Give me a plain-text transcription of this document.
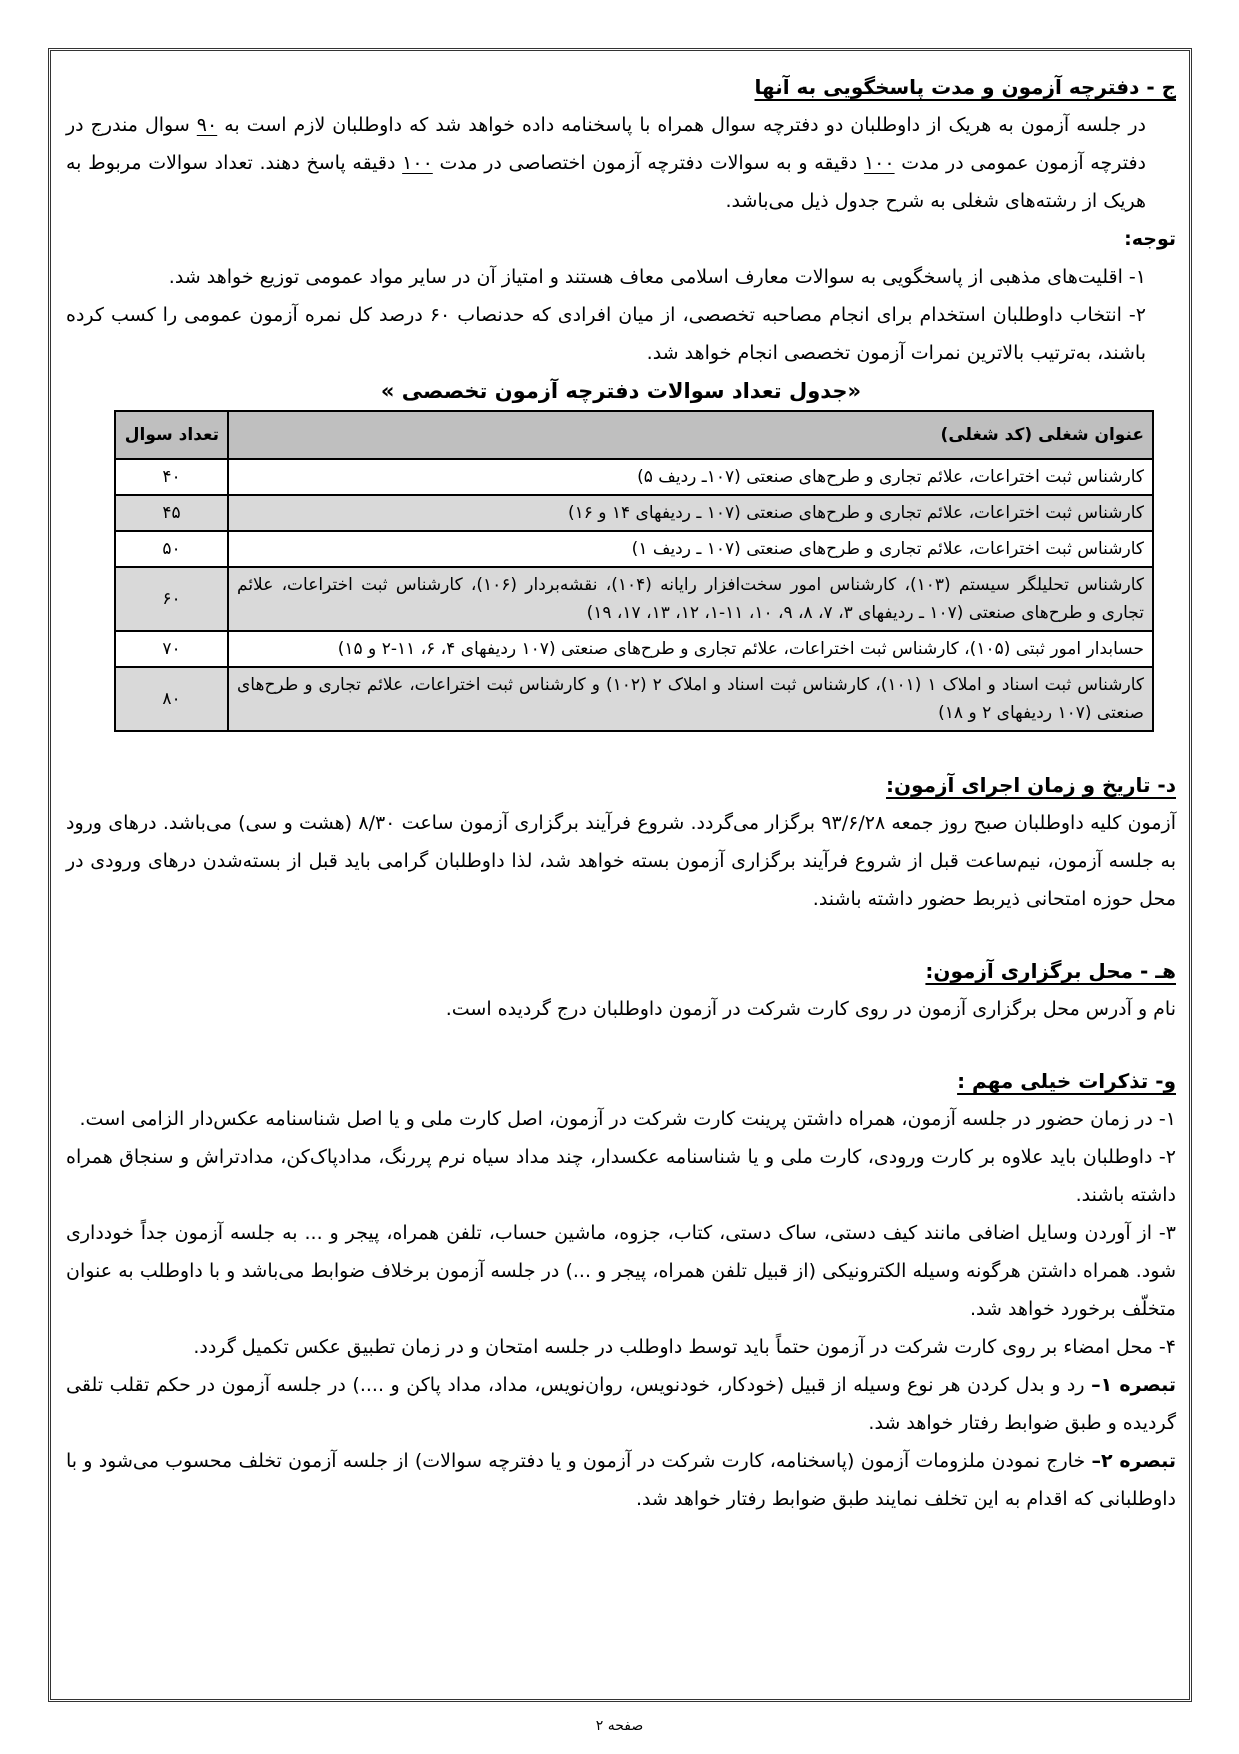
ج - دفترچه آزمون و مدت پاسخگویی به آنها

در جلسه آزمون به هریک از داوطلبان دو دفترچه سوال همراه با پاسخنامه داده خواهد شد که داوطلبان لازم است به ۹۰ سوال مندرج در دفترچه آزمون عمومی در مدت ۱۰۰ دقیقه و به سوالات دفترچه آزمون اختصاصی در مدت ۱۰۰ دقیقه پاسخ دهند. تعداد سوالات مربوط به هریک از رشته‌های شغلی به شرح جدول ذیل می‌باشد.

توجه:

۱- اقلیت‌های مذهبی از پاسخگویی به سوالات معارف اسلامی معاف هستند و امتیاز آن در سایر مواد عمومی توزیع خواهد شد.

۲- انتخاب داوطلبان استخدام برای انجام مصاحبه تخصصی، از میان افرادی که حدنصاب ۶۰ درصد کل نمره آزمون عمومی را کسب کرده باشند، به‌ترتیب بالاترین نمرات آزمون تخصصی انجام خواهد شد.

«جدول تعداد سوالات دفترچه آزمون تخصصی »

عنوان شغلی (کد شغلی)	تعداد سوال
کارشناس ثبت اختراعات، علائم تجاری و طرح‌های صنعتی (۱۰۷ـ ردیف ۵)	۴۰
کارشناس ثبت اختراعات، علائم تجاری و طرح‌های صنعتی (۱۰۷ ـ ردیفهای ۱۴ و ۱۶)	۴۵
کارشناس ثبت اختراعات، علائم تجاری و طرح‌های صنعتی (۱۰۷ ـ ردیف ۱)	۵۰
کارشناس تحلیلگر سیستم (۱۰۳)، کارشناس امور سخت‌افزار رایانه (۱۰۴)، نقشه‌بردار (۱۰۶)، کارشناس ثبت اختراعات، علائم تجاری و طرح‌های صنعتی (۱۰۷ ـ ردیفهای ۳، ۷، ۸، ۹، ۱۰، ۱۱-۱، ۱۲، ۱۳، ۱۷، ۱۹)	۶۰
حسابدار امور ثبتی (۱۰۵)، کارشناس ثبت اختراعات، علائم تجاری و طرح‌های صنعتی (۱۰۷ ردیفهای ۴، ۶، ۱۱-۲ و ۱۵)	۷۰
کارشناس ثبت اسناد و املاک ۱ (۱۰۱)، کارشناس ثبت اسناد و املاک ۲ (۱۰۲) و کارشناس ثبت اختراعات، علائم تجاری و طرح‌های صنعتی (۱۰۷ ردیفهای ۲ و ۱۸)	۸۰

د- تاریخ و زمان اجرای آزمون:

آزمون کلیه داوطلبان صبح روز جمعه ۹۳/۶/۲۸ برگزار می‌گردد. شروع فرآیند برگزاری آزمون ساعت ۸/۳۰ (هشت و سی) می‌باشد. درهای ورود به جلسه آزمون، نیم‌ساعت قبل از شروع فرآیند برگزاری آزمون بسته خواهد شد، لذا داوطلبان گرامی باید قبل از بسته‌شدن درهای ورودی در محل حوزه امتحانی ذیربط حضور داشته باشند.

هـ - محل برگزاری آزمون:

نام و آدرس محل برگزاری آزمون در روی کارت شرکت در آزمون داوطلبان درج گردیده است.

و- تذکرات خیلی مهم :

۱- در زمان حضور در جلسه آزمون، همراه داشتن پرینت کارت شرکت در آزمون، اصل کارت ملی و یا اصل شناسنامه عکس‌دار الزامی است.

۲- داوطلبان باید علاوه بر کارت ورودی، کارت ملی و یا شناسنامه عکسدار، چند مداد سیاه نرم پررنگ، مدادپاک‌کن، مدادتراش و سنجاق همراه داشته باشند.

۳- از آوردن وسایل اضافی مانند کیف دستی، ساک دستی، کتاب، جزوه، ماشین حساب، تلفن همراه، پیجر و ... به جلسه آزمون جداً خودداری شود. همراه داشتن هرگونه وسیله الکترونیکی (از قبیل تلفن همراه، پیجر و ...) در جلسه آزمون برخلاف ضوابط می‌باشد و با داوطلب به عنوان متخلّف برخورد خواهد شد.

۴- محل امضاء بر روی کارت شرکت در آزمون حتماً باید توسط داوطلب در جلسه امتحان و در زمان تطبیق عکس تکمیل گردد.

تبصره ۱– رد و بدل کردن هر نوع وسیله از قبیل (خودکار، خودنویس، روان‌نویس، مداد، مداد پاکن و ....) در جلسه آزمون در حکم تقلب تلقی گردیده و طبق ضوابط رفتار خواهد شد.

تبصره ۲– خارج نمودن ملزومات آزمون (پاسخنامه، کارت شرکت در آزمون و یا دفترچه سوالات) از جلسه آزمون تخلف محسوب می‌شود و با داوطلبانی که اقدام به این تخلف نمایند طبق ضوابط رفتار خواهد شد.

صفحه ۲
